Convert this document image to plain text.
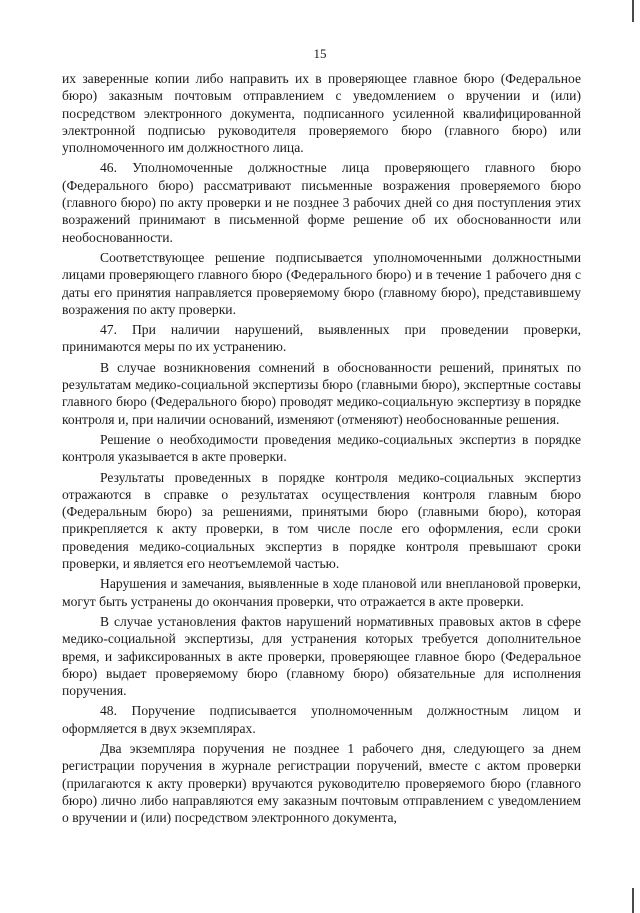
15

их заверенные копии либо направить их в проверяющее главное бюро (Федеральное бюро) заказным почтовым отправлением с уведомлением о вручении и (или) посредством электронного документа, подписанного усиленной квалифицированной электронной подписью руководителя проверяемого бюро (главного бюро) или уполномоченного им должностного лица.

46. Уполномоченные должностные лица проверяющего главного бюро (Федерального бюро) рассматривают письменные возражения проверяемого бюро (главного бюро) по акту проверки и не позднее 3 рабочих дней со дня поступления этих возражений принимают в письменной форме решение об их обоснованности или необоснованности.

Соответствующее решение подписывается уполномоченными должностными лицами проверяющего главного бюро (Федерального бюро) и в течение 1 рабочего дня с даты его принятия направляется проверяемому бюро (главному бюро), представившему возражения по акту проверки.

47. При наличии нарушений, выявленных при проведении проверки, принимаются меры по их устранению.

В случае возникновения сомнений в обоснованности решений, принятых по результатам медико-социальной экспертизы бюро (главными бюро), экспертные составы главного бюро (Федерального бюро) проводят медико-социальную экспертизу в порядке контроля и, при наличии оснований, изменяют (отменяют) необоснованные решения.

Решение о необходимости проведения медико-социальных экспертиз в порядке контроля указывается в акте проверки.

Результаты проведенных в порядке контроля медико-социальных экспертиз отражаются в справке о результатах осуществления контроля главным бюро (Федеральным бюро) за решениями, принятыми бюро (главными бюро), которая прикрепляется к акту проверки, в том числе после его оформления, если сроки проведения медико-социальных экспертиз в порядке контроля превышают сроки проверки, и является его неотъемлемой частью.

Нарушения и замечания, выявленные в ходе плановой или внеплановой проверки, могут быть устранены до окончания проверки, что отражается в акте проверки.

В случае установления фактов нарушений нормативных правовых актов в сфере медико-социальной экспертизы, для устранения которых требуется дополнительное время, и зафиксированных в акте проверки, проверяющее главное бюро (Федеральное бюро) выдает проверяемому бюро (главному бюро) обязательные для исполнения поручения.

48. Поручение подписывается уполномоченным должностным лицом и оформляется в двух экземплярах.

Два экземпляра поручения не позднее 1 рабочего дня, следующего за днем регистрации поручения в журнале регистрации поручений, вместе с актом проверки (прилагаются к акту проверки) вручаются руководителю проверяемого бюро (главного бюро) лично либо направляются ему заказным почтовым отправлением с уведомлением о вручении и (или) посредством электронного документа,
